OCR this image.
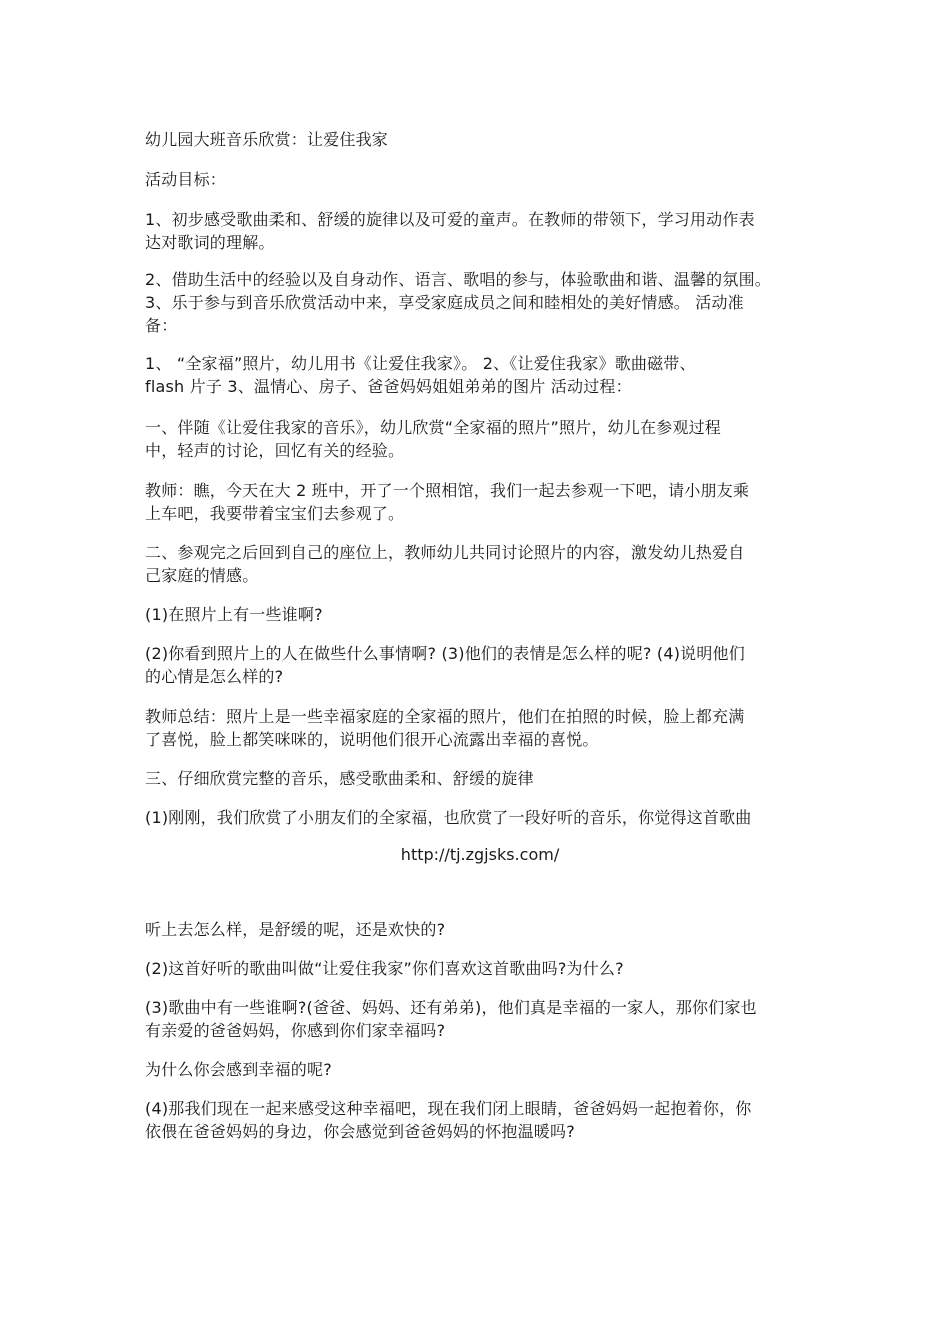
幼儿园大班音乐欣赏：让爱住我家

活动目标：

1、初步感受歌曲柔和、舒缓的旋律以及可爱的童声。在教师的带领下，学习用动作表
达对歌词的理解。

2、借助生活中的经验以及自身动作、语言、歌唱的参与，体验歌曲和谐、温馨的氛围。
3、乐于参与到音乐欣赏活动中来，享受家庭成员之间和睦相处的美好情感。 活动准
备：

1、 “全家福”照片，幼儿用书《让爱住我家》。 2、《让爱住我家》歌曲磁带、
flash 片子 3、温情心、房子、爸爸妈妈姐姐弟弟的图片 活动过程：

一、伴随《让爱住我家的音乐》，幼儿欣赏“全家福的照片”照片，幼儿在参观过程
中，轻声的讨论，回忆有关的经验。

教师：瞧，今天在大 2 班中，开了一个照相馆，我们一起去参观一下吧，请小朋友乘
上车吧，我要带着宝宝们去参观了。

二、参观完之后回到自己的座位上，教师幼儿共同讨论照片的内容，激发幼儿热爱自
己家庭的情感。

(1)在照片上有一些谁啊?

(2)你看到照片上的人在做些什么事情啊? (3)他们的表情是怎么样的呢? (4)说明他们
的心情是怎么样的?

教师总结：照片上是一些幸福家庭的全家福的照片，他们在拍照的时候，脸上都充满
了喜悦，脸上都笑咪咪的，说明他们很开心流露出幸福的喜悦。

三、仔细欣赏完整的音乐，感受歌曲柔和、舒缓的旋律

(1)刚刚，我们欣赏了小朋友们的全家福，也欣赏了一段好听的音乐，你觉得这首歌曲

http://tj.zgjsks.com/

听上去怎么样，是舒缓的呢，还是欢快的?

(2)这首好听的歌曲叫做“让爱住我家”你们喜欢这首歌曲吗?为什么?

(3)歌曲中有一些谁啊?(爸爸、妈妈、还有弟弟)，他们真是幸福的一家人，那你们家也
有亲爱的爸爸妈妈，你感到你们家幸福吗?

为什么你会感到幸福的呢?

(4)那我们现在一起来感受这种幸福吧，现在我们闭上眼睛，爸爸妈妈一起抱着你，你
依偎在爸爸妈妈的身边，你会感觉到爸爸妈妈的怀抱温暖吗?
